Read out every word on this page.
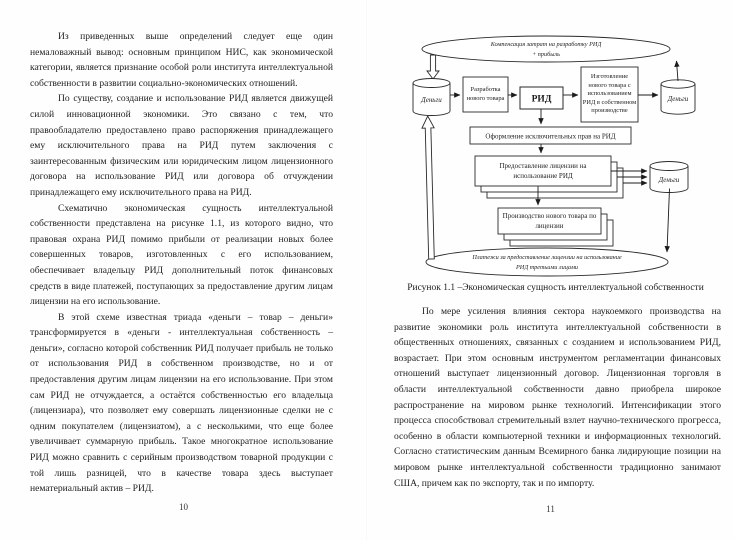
Из приведенных выше определений следует еще один немаловажный вывод: основным принципом НИС, как экономической категории, является признание особой роли института интеллектуальной собственности в развитии социально-экономических отношений.

По существу, создание и использование РИД является движущей силой инновационной экономики. Это связано с тем, что правообладателю предоставлено право распоряжения принадлежащего ему исключительного права на РИД путем заключения с заинтересованным физическим или юридическим лицом лицензионного договора на использование РИД или договора об отчуждении принадлежащего ему исключительного права на РИД.

Схематично экономическая сущность интеллектуальной собственности представлена на рисунке 1.1, из которого видно, что правовая охрана РИД помимо прибыли от реализации новых более совершенных товаров, изготовленных с его использованием, обеспечивает владельцу РИД дополнительный поток финансовых средств в виде платежей, поступающих за предоставление другим лицам лицензии на его использование.

В этой схеме известная триада «деньги – товар – деньги» трансформируется в «деньги - интеллектуальная собственность – деньги», согласно которой собственник РИД получает прибыль не только от использования РИД в собственном производстве, но и от предоставления другим лицам лицензии на его использование. При этом сам РИД не отчуждается, а остаётся собственностью его владельца (лицензиара), что позволяет ему совершать лицензионные сделки не с одним покупателем (лицензиатом), а с несколькими, что еще более увеличивает суммарную прибыль. Такое многократное использование РИД можно сравнить с серийным производством товарной продукции с той лишь разницей, что в качестве товара здесь выступает нематериальный актив – РИД.

10
Компенсация затрат на разработку РИД
+ прибыль
Платежи за предоставление лицензии на использование
РИД третьими лицами
Деньги
Разработка нового товара	РИД
Изготовление нового товара с использованием РИД в собственном производстве
Деньги
Оформление исключительных прав на РИД
Предоставление лицензии на использование РИД	Деньги
Производство нового товара по лицензии
Рисунок 1.1 –Экономическая сущность интеллектуальной собственности

По мере усиления влияния сектора наукоемкого производства на развитие экономики роль института интеллектуальной собственности в общественных отношениях, связанных с созданием и использованием РИД, возрастает. При этом основным инструментом регламентации финансовых отношений выступает лицензионный договор. Лицензионная торговля в области интеллектуальной собственности давно приобрела широкое распространение на мировом рынке технологий. Интенсификации этого процесса способствовал стремительный взлет научно-технического прогресса, особенно в области компьютерной техники и информационных технологий. Согласно статистическим данным Всемирного банка лидирующие позиции на мировом рынке интеллектуальной собственности традиционно занимают США, причем как по экспорту, так и по импорту.

11
